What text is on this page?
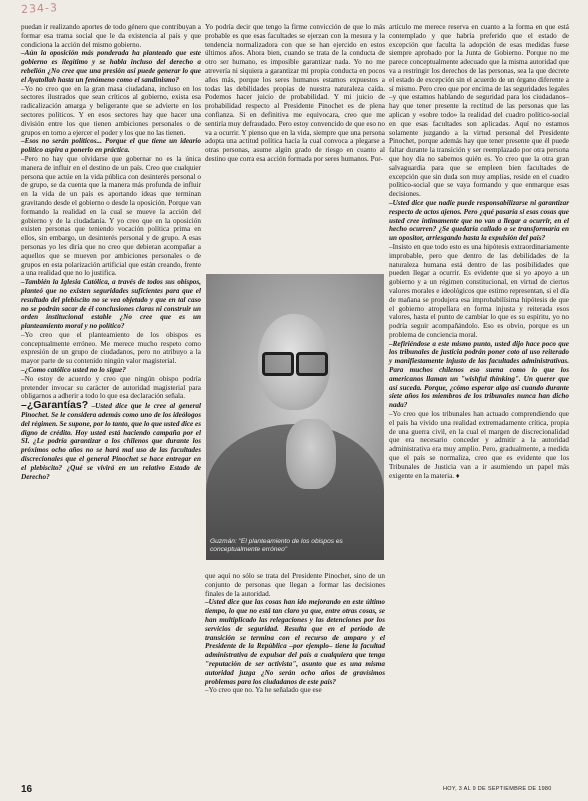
234-3

puedan ir realizando aportes de todo género que contribuyan a formar esa trama social que le da existencia al país y que condiciona la acción del mismo gobierno.

–Aún la oposición más ponderada ha planteado que este gobierno es ilegítimo y se habla incluso del derecho a rebelión ¿No cree que una presión así puede generar lo que el Ayatollah hasta un fenómeno como el sandinismo?

–Yo no creo que en la gran masa ciudadana, incluso en los sectores ilustrados que sean críticos al gobierno, exista esa radicalización amarga y beligerante que se advierte en los sectores políticos. Y en esos sectores hay que hacer una división entre los que tienen ambiciones personales o de grupos en torno a ejercer el poder y los que no las tienen.

–Esos no serán políticos... Porque el que tiene un ideario político aspira a ponerlo en práctica.

–Pero no hay que olvidarse que gobernar no es la única manera de influir en el destino de un país. Creo que cualquier persona que actúe en la vida pública con desinterés personal o de grupo, se da cuenta que la manera más profunda de influir en la vida de un país es aportando ideas que terminan gravitando desde el gobierno o desde la oposición. Porque van formando la realidad en la cual se mueve la acción del gobierno y de la ciudadanía. Y yo creo que en la oposición existen personas que teniendo vocación política prima en ellos, sin embargo, un desinterés personal y de grupo. A esas personas yo les diría que no creo que debieran acompañar a aquellos que se mueven por ambiciones personales o de grupos en esta polarización artificial que están creando, frente a una realidad que no lo justifica.

–También la Iglesia Católica, a través de todos sus obispos, planteó que no existen seguridades suficientes para que el resultado del plebiscito no se vea objetado y que en tal caso no se podrán sacar de él conclusiones claras ni construir un orden institucional estable ¿No cree que es un planteamiento moral y no político?

–Yo creo que el planteamiento de los obispos es conceptualmente erróneo. Me merece mucho respeto como expresión de un grupo de ciudadanos, pero no atribuyo a la mayor parte de su contenido ningún valor magisterial.

–¿Como católico usted no lo sigue?

–No estoy de acuerdo y creo que ningún obispo podría pretender invocar su carácter de autoridad magisterial para obligarnos a adherir a todo lo que esa declaración señala.

–¿Garantías? –Usted dice que le cree al general Pinochet. Se le considera además como uno de los ideólogos del régimen. Se supone, por lo tanto, que lo que usted dice es digno de crédito. Hoy usted está haciendo campaña por el SI. ¿Le podría garantizar a los chilenos que durante los próximos ocho años no se hará mal uso de las facultades discrecionales que el general Pinochet se hace entregar en el plebiscito? ¿Qué se vivirá en un relativo Estado de Derecho?

Yo podría decir que tengo la firme convicción de que lo más probable es que esas facultades se ejerzan con la mesura y la tendencia normalizadora con que se han ejercido en estos últimos años. Ahora bien, cuando se trata de la conducta de otro ser humano, es imposible garantizar nada. Yo no me atrevería ni siquiera a garantizar mi propia conducta en pocos años más, porque los seres humanos estamos expuestos a todas las debilidades propias de nuestra naturaleza caída. Podemos hacer juicio de probabilidad. Y mi juicio de probabilidad respecto al Presidente Pinochet es de plena confianza. Si en definitiva me equivocara, creo que me sentiría muy defraudado. Pero estoy convencido de que eso no va a ocurrir. Y pienso que en la vida, siempre que una persona adopta una actitud política hacia la cual convoca a plegarse a otras personas, asume algún grado de riesgo en cuanto al destino que corra esa acción formada por seres humanos. Por-

Guzmán: "El planteamiento de los obispos es conceptualmente erróneo"

que aquí no sólo se trata del Presidente Pinochet, sino de un conjunto de personas que llegan a formar las decisiones finales de la autoridad.

–Usted dice que las cosas han ido mejorando en este último tiempo, lo que no está tan claro ya que, entre otras cosas, se han multiplicado las relegaciones y las detenciones por los servicios de seguridad. Resulta que en el período de transición se termina con el recurso de amparo y el Presidente de la República –por ejemplo– tiene la facultad administrativa de expulsar del país a cualquiera que tenga "reputación de ser activista", asunto que es una misma autoridad juzga ¿No serán ocho años de gravísimos problemas para los ciudadanos de este país?

–Yo creo que no. Ya he señalado que ese

artículo me merece reserva en cuanto a la forma en que está contemplado y que habría preferido que el estado de excepción que faculta la adopción de esas medidas fuese siempre aprobado por la Junta de Gobierno. Porque no me parece conceptualmente adecuado que la misma autoridad que va a restringir los derechos de las personas, sea la que decrete el estado de excepción sin el acuerdo de un órgano diferente a sí mismo. Pero creo que por encima de las seguridades legales –y que estamos hablando de seguridad para los ciudadanos– hay que tener presente la rectitud de las personas que las aplican y «sobre todo» la realidad del cuadro político-social en que esas facultades son aplicadas. Aquí no estamos solamente juzgando a la virtud personal del Presidente Pinochet, porque además hay que tener presente que él puede faltar durante la transición y ser reemplazado por otra persona que hoy día no sabemos quién es. Yo creo que la otra gran salvaguardia para que se empleen bien facultades de excepción que sin duda son muy amplias, reside en el cuadro político-social que se vaya formando y que enmarque esas decisiones.

–Usted dice que nadie puede responsabilizarse ni garantizar respecto de actos ajenos. Pero ¿qué pasaría si esas cosas que usted cree íntimamente que no van a llegar a ocurrir, en el hecho ocurren? ¿Se quedaría callado o se transformaría en un opositor, arriesgando hasta la expulsión del país?

–Insisto en que todo esto es una hipótesis extraordinariamente improbable, pero que dentro de las debilidades de la naturaleza humana está dentro de las posibilidades que pueden llegar a ocurrir. Es evidente que si yo apoyo a un gobierno y a un régimen constitucional, en virtud de ciertos valores morales e ideológicos que estimo representan, si el día de mañana se produjera esa improbabilísima hipótesis de que el gobierno atropellara en forma injusta y reiterada esos valores, hasta el punto de cambiar lo que es su espíritu, yo no podría seguir acompañándolo. Eso es obvio, porque es un problema de conciencia moral.

–Refiriéndose a este mismo punto, usted dijo hace poco que los tribunales de justicia podrán poner coto al uso reiterado y manifiestamente injusto de las facultades administrativas. Para muchos chilenos eso suena como lo que los americanos llaman un "wishful thinking". Un querer que así suceda. Porque, ¿cómo esperar algo así cuando durante siete años los miembros de los tribunales nunca han dicho nada?

–Yo creo que los tribunales han actuado comprendiendo que el país ha vivido una realidad extremadamente crítica, propia de una guerra civil, en la cual el margen de discrecionalidad que era necesario conceder y admitir a la autoridad administrativa era muy amplio. Pero, gradualmente, a medida que el país se normaliza, creo que es evidente que los Tribunales de Justicia van a ir asumiendo un papel más exigente en la materia. ♦

16	HOY, 3 AL 9 DE SEPTIEMBRE DE 1980
